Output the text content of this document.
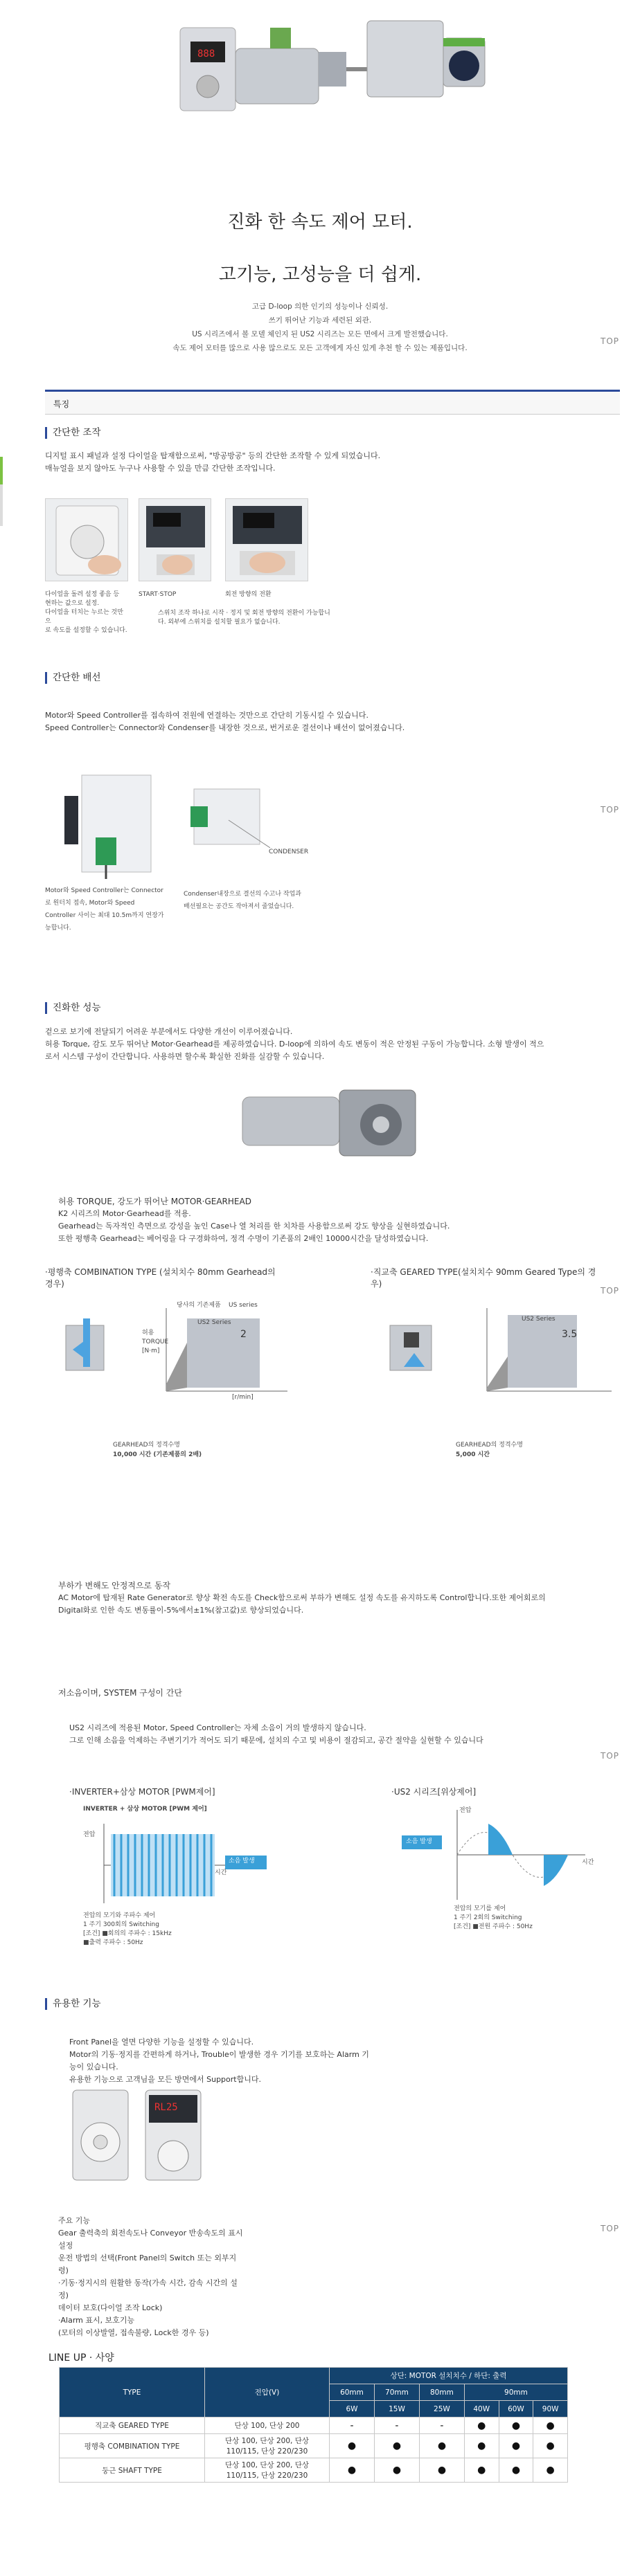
888
진화 한 속도 제어 모터.
고기능, 고성능을 더 쉽게.
고급 D-loop 의한 인기의 성능이나 신뢰성.
쓰기 뛰어난 기능과 세련된 외관.
US 시리즈에서 볼 모델 체인지 된 US2 시리즈는 모든 면에서 크게 발전했습니다.
속도 제어 모터를 많으로 사용 많으로도 모든 고객에게 자신 있게 추천 할 수 있는 제품입니다.
TOP
특징
간단한 조작
디지털 표시 패널과 설정 다이얼을 탑재함으로써, "방공방공" 등의 간단한 조작할 수 있게 되었습니다.
매뉴얼을 보지 않아도 누구나 사용할 수 있을 만큼 간단한 조작입니다.
다이얼을 돌려 설정 좋음 등
현하는 값으로 설정.
다이얼을 터치는 누르는 것만으
로 속도를 설정할 수 있습니다.
START·STOP	회전 방향의 전환
스위치 조작 하나로 시작 · 정지 및 회전 방향의 전환이 가능합니
다. 외부에 스위치를 설치할 필요가 없습니다.
간단한 배선
Motor와 Speed Controller를 접속하여 전원에 연결하는 것만으로 간단히 기동시킬 수 있습니다.
Speed Controller는 Connector와 Condenser를 내장한 것으로, 번거로운 결선이나 배선이 없어졌습니다.
TOP
CONDENSER
Motor와 Speed Controller는 Connector
로 원터치 접속, Motor와 Speed
Controller 사이는 최대 10.5m까지 연장가
능합니다.
Condenser내장으로 결선의 수고나 작업과
배선필요는 공간도 작아져서 줄었습니다.
진화한 성능
겉으로 보기에 전달되기 어려운 부분에서도 다양한 개선이 이루어졌습니다.
허용 Torque, 감도 모두 뛰어난 Motor·Gearhead를 제공하였습니다. D-loop에 의하여 속도 변동이 적은 안정된 구동이 가능합니다. 소형 발생이 적으
로서 시스템 구성이 간단합니다. 사용하면 할수록 확실한 진화를 실감할 수 있습니다.
허용 TORQUE, 강도가 뛰어난 MOTOR·GEARHEAD
K2 시리즈의 Motor·Gearhead를 적용.
Gearhead는 독자적인 측면으로 강성을 높인 Case나 열 처리를 한 치차를 사용함으로써 강도 향상을 실현하였습니다.
또한 평행축 Gearhead는 베어링을 다 구경화하여, 정격 수명이 기존품의 2배인 10000시간을 달성하였습니다.
·평행축 COMBINATION TYPE (설치치수 80mm Gearhead의
경우)
·직교축 GEARED TYPE(설치치수 90mm Geared Type의 경
우)
TOP
당사의 기존제품 US series
US2 Series
2
[r/min]
허용 TORQUE [N·m]
GEARHEAD의 정격수명
10,000 시간 (기존제품의 2배)
US2 Series
3.5
GEARHEAD의 정격수명
5,000 시간
부하가 변해도 안정적으로 동작
AC Motor에 탑재된 Rate Generator로 향상 확전 속도를 Check함으로써 부하가 변해도 설정 속도를 유지하도록 Control합니다.또한 제어회로의
Digital화로 인한 속도 변동률이-5%에서±1%(참고값)로 향상되었습니다.
저소음이며, SYSTEM 구성이 간단
US2 시리즈에 적용된 Motor, Speed Controller는 자체 소음이 거의 발생하지 않습니다.
그로 인해 소음을 억제하는 주변기기가 적어도 되기 때문에, 설치의 수고 및 비용이 절감되고, 공간 절약을 실현할 수 있습니다
TOP
·INVERTER+삼상 MOTOR [PWM제어]	·US2 시리즈[위상제어]
INVERTER + 삼상 MOTOR [PWM 제어]
전압
시간
소음 발생
전압의 모기와 주파수 제어
1 주기 300회의 Switching
[조건] ■회의의 주파수 : 15kHz
■출력 주파수 : 50Hz
전압
시간
소음 발생
전압의 모기를 제어
1 주기 2회의 Switching
[조건] ■전원 주파수 : 50Hz
유용한 기능
Front Panel을 열면 다양한 기능을 설정할 수 있습니다.
Motor의 기동·정지를 간편하게 하거나, Trouble이 발생한 경우 기기를 보호하는 Alarm 기
능이 있습니다.
유용한 기능으로 고객님을 모든 방면에서 Support합니다.
RL25
주요 기능
Gear 출력축의 회전속도나 Conveyor 반송속도의 표시
설정
운전 방법의 선택(Front Panel의 Switch 또는 외부지
령)
·기동·정지시의 원활한 동작(가속 시간, 감속 시간의 설
정)
데이터 보호(다이얼 조작 Lock)
·Alarm 표시, 보호기능
(모터의 이상발열, 접속불량, Lock한 경우 등)
TOP
LINE UP · 사양
TYPE	전압(V)	상단: MOTOR 설치치수 / 하단: 출력					
		60mm	70mm	80mm	90mm		
		6W	15W	25W	40W	60W	90W
직교축 GEARED TYPE	단상 100, 단상 200	-	-	-	●	●	●
평행축 COMBINATION TYPE	단상 100, 단상 200, 단상 110/115, 단상 220/230	●	●	●	●	●	●
둥근 SHAFT TYPE	단상 100, 단상 200, 단상 110/115, 단상 220/230	●	●	●	●	●	●
